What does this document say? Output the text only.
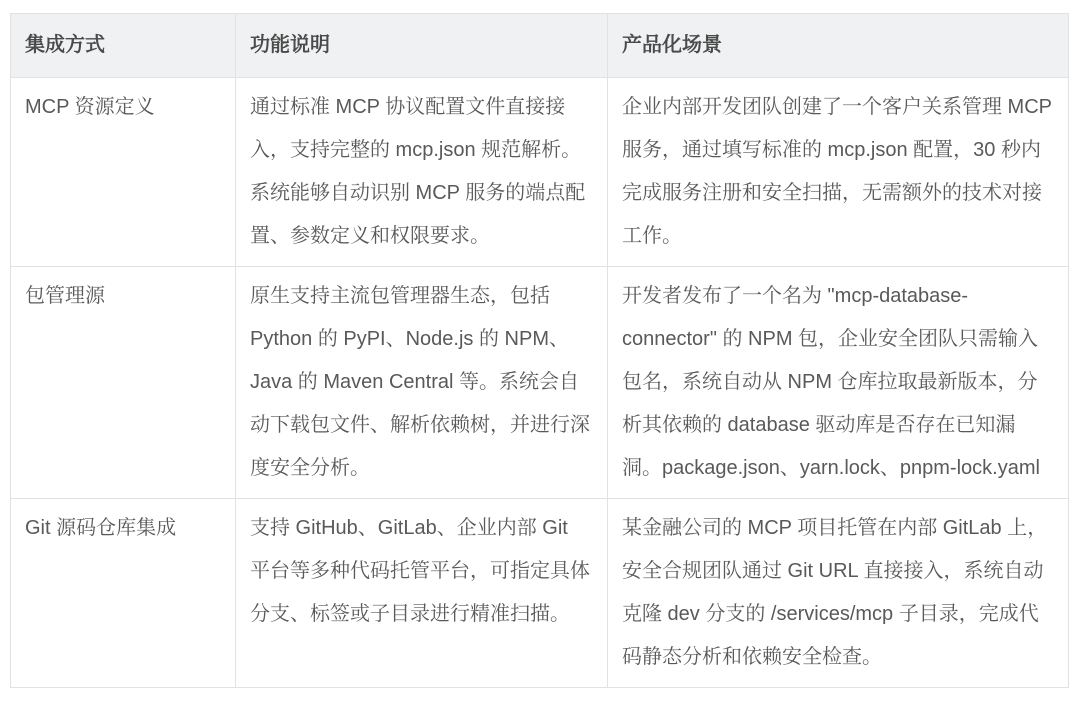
集成方式	功能说明	产品化场景
MCP 资源定义	通过标准 MCP 协议配置文件直接接入，支持完整的 mcp.json 规范解析。系统能够自动识别 MCP 服务的端点配置、参数定义和权限要求。	企业内部开发团队创建了一个客户关系管理 MCP 服务，通过填写标准的 mcp.json 配置，30 秒内完成服务注册和安全扫描，无需额外的技术对接工作。
包管理源	原生支持主流包管理器生态，包括 Python 的 PyPI、Node.js 的 NPM、Java 的 Maven Central 等。系统会自动下载包文件、解析依赖树，并进行深度安全分析。	开发者发布了一个名为 "mcp-database-connector" 的 NPM 包，企业安全团队只需输入包名，系统自动从 NPM 仓库拉取最新版本，分析其依赖的 database 驱动库是否存在已知漏洞。package.json、yarn.lock、pnpm-lock.yaml
Git 源码仓库集成	支持 GitHub、GitLab、企业内部 Git 平台等多种代码托管平台，可指定具体分支、标签或子目录进行精准扫描。	某金融公司的 MCP 项目托管在内部 GitLab 上，安全合规团队通过 Git URL 直接接入，系统自动克隆 dev 分支的 /services/mcp 子目录，完成代码静态分析和依赖安全检查。
